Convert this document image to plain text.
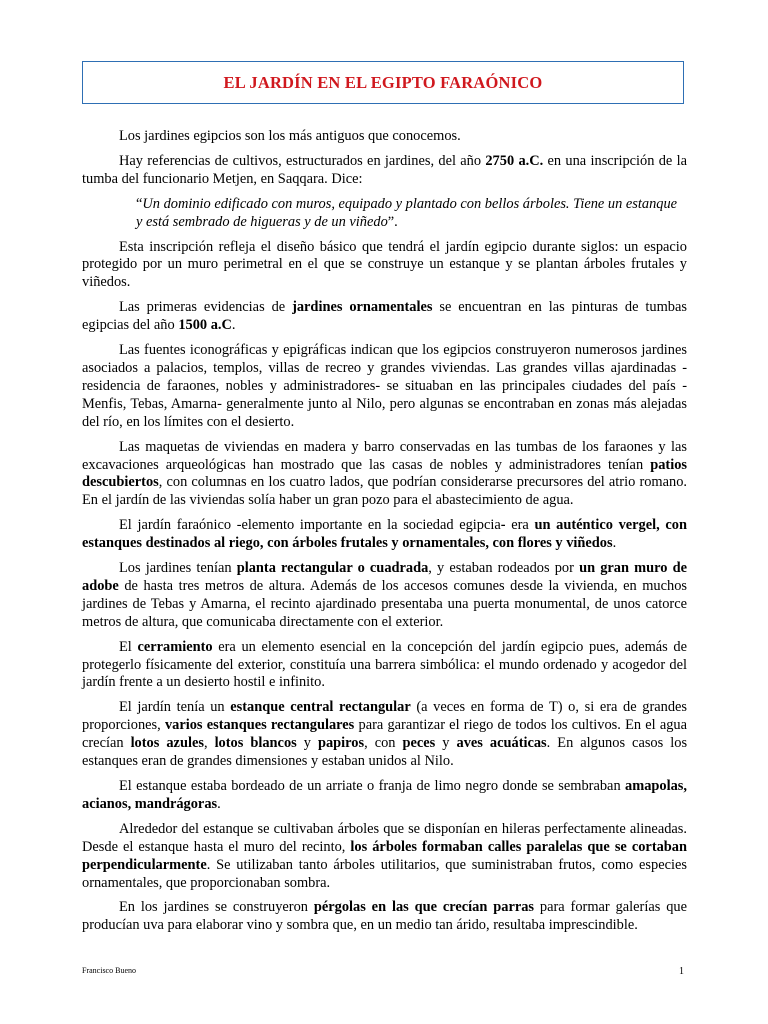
EL JARDÍN EN EL EGIPTO FARAÓNICO

Los jardines egipcios son los más antiguos que conocemos.

Hay referencias de cultivos, estructurados en jardines, del año 2750 a.C. en una inscripción de la tumba del funcionario Metjen, en Saqqara. Dice:

“Un dominio edificado con muros, equipado y plantado con bellos árboles. Tiene un estanque y está sembrado de higueras y de un viñedo”.

Esta inscripción refleja el diseño básico que tendrá el jardín egipcio durante siglos: un espacio protegido por un muro perimetral en el que se construye un estanque y se plantan árboles frutales y viñedos.

Las primeras evidencias de jardines ornamentales se encuentran en las pinturas de tumbas egipcias del año 1500 a.C.

Las fuentes iconográficas y epigráficas indican que los egipcios construyeron numerosos jardines asociados a palacios, templos, villas de recreo y grandes viviendas. Las grandes villas ajardinadas -residencia de faraones, nobles y administradores- se situaban en las principales ciudades del país -Menfis, Tebas, Amarna- generalmente junto al Nilo, pero algunas se encontraban en zonas más alejadas del río, en los límites con el desierto.

Las maquetas de viviendas en madera y barro conservadas en las tumbas de los faraones y las excavaciones arqueológicas han mostrado que las casas de nobles y administradores tenían patios descubiertos, con columnas en los cuatro lados, que podrían considerarse precursores del atrio romano. En el jardín de las viviendas solía haber un gran pozo para el abastecimiento de agua.

El jardín faraónico -elemento importante en la sociedad egipcia- era un auténtico vergel, con estanques destinados al riego, con árboles frutales y ornamentales, con flores y viñedos.

Los jardines tenían planta rectangular o cuadrada, y estaban rodeados por un gran muro de adobe de hasta tres metros de altura. Además de los accesos comunes desde la vivienda, en muchos jardines de Tebas y Amarna, el recinto ajardinado presentaba una puerta monumental, de unos catorce metros de altura, que comunicaba directamente con el exterior.

El cerramiento era un elemento esencial en la concepción del jardín egipcio pues, además de protegerlo físicamente del exterior, constituía una barrera simbólica: el mundo ordenado y acogedor del jardín frente a un desierto hostil e infinito.

El jardín tenía un estanque central rectangular (a veces en forma de T) o, si era de grandes proporciones, varios estanques rectangulares para garantizar el riego de todos los cultivos. En el agua crecían lotos azules, lotos blancos y papiros, con peces y aves acuáticas. En algunos casos los estanques eran de grandes dimensiones y estaban unidos al Nilo.

El estanque estaba bordeado de un arriate o franja de limo negro donde se sembraban amapolas, acianos, mandrágoras.

Alrededor del estanque se cultivaban árboles que se disponían en hileras perfectamente alineadas. Desde el estanque hasta el muro del recinto, los árboles formaban calles paralelas que se cortaban perpendicularmente. Se utilizaban tanto árboles utilitarios, que suministraban frutos, como especies ornamentales, que proporcionaban sombra.

En los jardines se construyeron pérgolas en las que crecían parras para formar galerías que producían uva para elaborar vino y sombra que, en un medio tan árido, resultaba imprescindible.

Francisco Bueno	1
